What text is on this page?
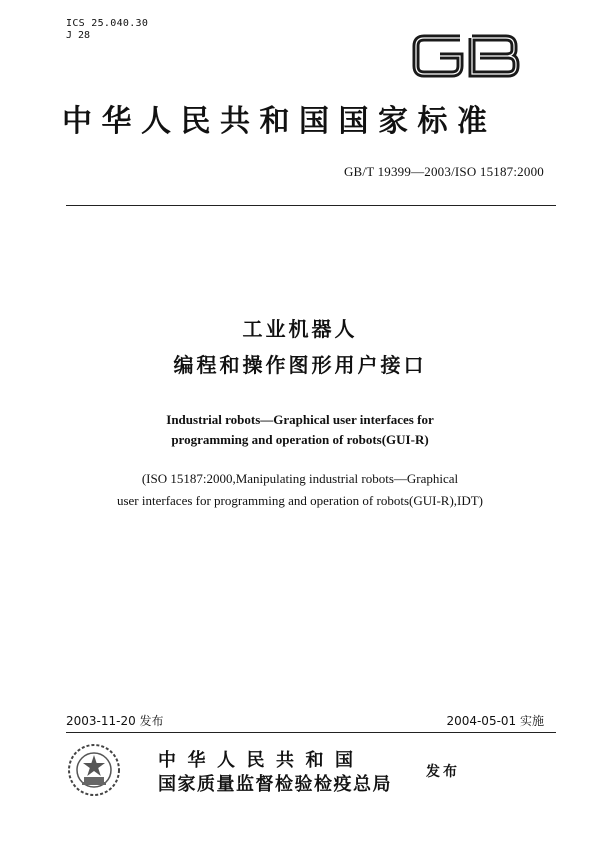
ICS 25.040.30
J 28
中华人民共和国国家标准
GB/T 19399—2003/ISO 15187:2000
工业机器人
编程和操作图形用户接口
Industrial robots—Graphical user interfaces for
programming and operation of robots(GUI-R)
(ISO 15187:2000,Manipulating industrial robots—Graphical
user interfaces for programming and operation of robots(GUI-R),IDT)
2003-11-20 发布	2004-05-01 实施
中华人民共和国
国家质量监督检验检疫总局
发布
